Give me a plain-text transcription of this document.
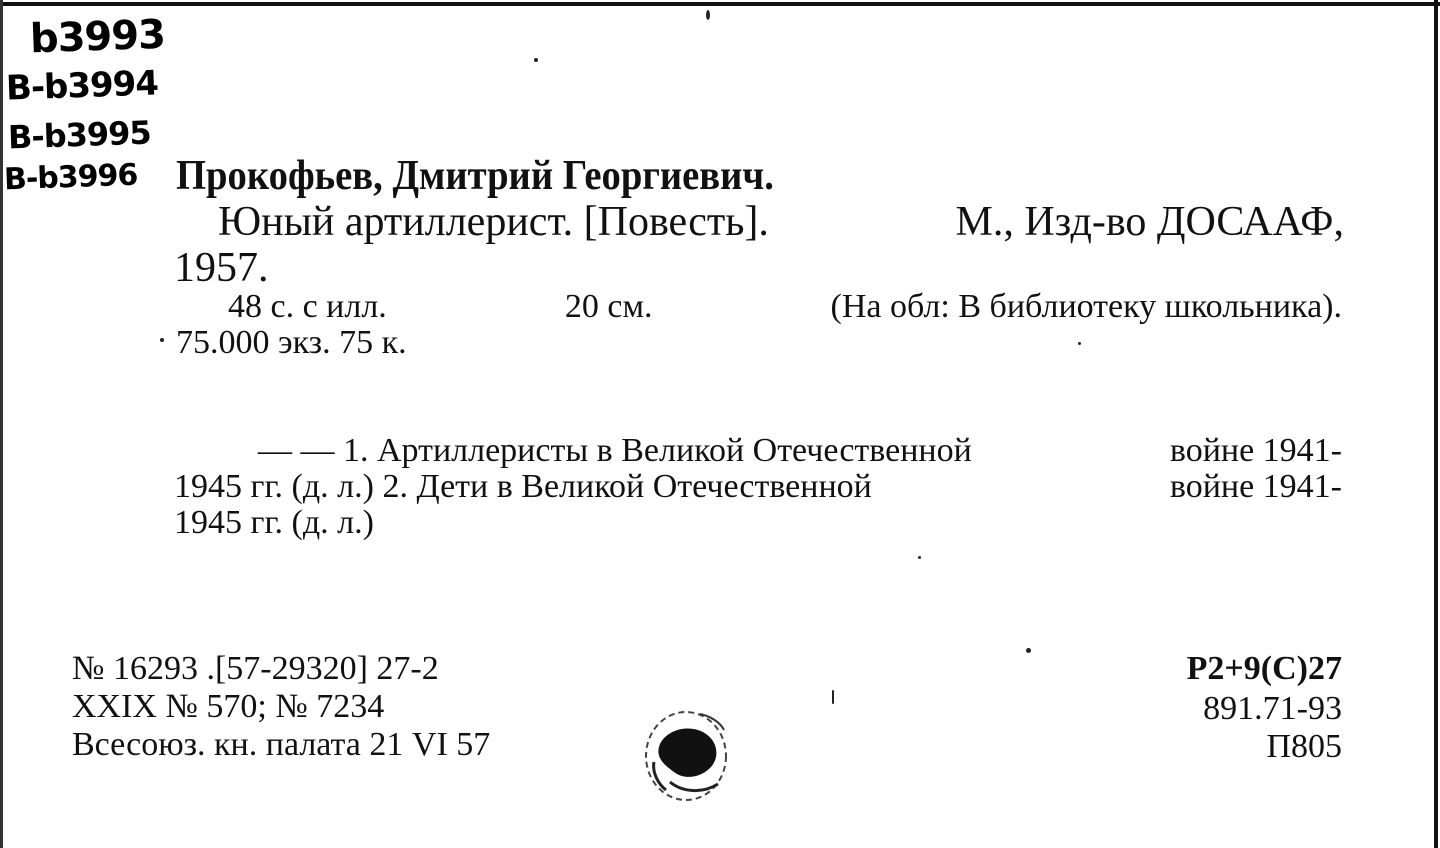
b3993
B-b3994
B-b3995
B-b3996 Прокофьев, Дмитрий Георгиевич.
Юный артиллерист. [Повесть].	М., Изд-во ДОСААФ,
1957.
48 с. с илл.	20 см.	(На обл: В библиотеку школьника).
75.000 экз. 75 к.
— — 1. Артиллеристы в Великой Отечественной	войне 1941-
1945 гг. (д. л.) 2. Дети в Великой Отечественной	войне 1941-
1945 гг. (д. л.)
№ 16293 .[57-29320] 27-2
XXIX № 570; № 7234
Всесоюз. кн. палата 21 VI 57
P2+9(C)27
891.71-93
П805
